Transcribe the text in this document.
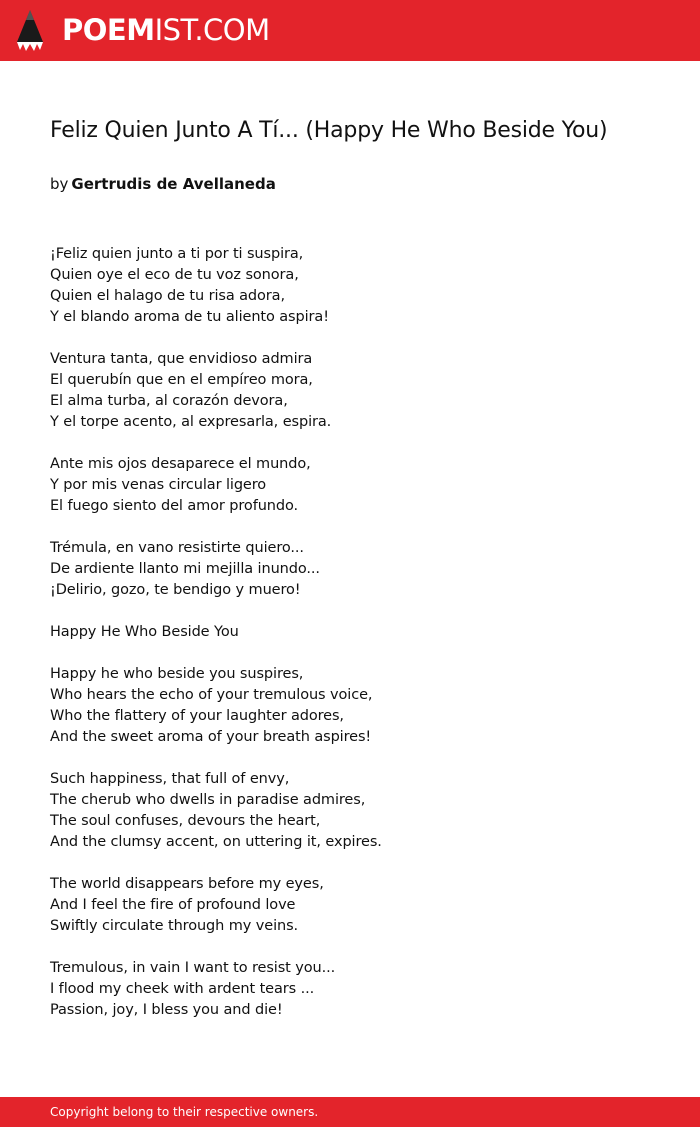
POEMIST.COM
Feliz Quien Junto A Tí... (Happy He Who Beside You)
by Gertrudis de Avellaneda
¡Feliz quien junto a ti por ti suspira,
Quien oye el eco de tu voz sonora,
Quien el halago de tu risa adora,
Y el blando aroma de tu aliento aspira!
Ventura tanta, que envidioso admira
El querubín que en el empíreo mora,
El alma turba, al corazón devora,
Y el torpe acento, al expresarla, espira.
Ante mis ojos desaparece el mundo,
Y por mis venas circular ligero
El fuego siento del amor profundo.
Trémula, en vano resistirte quiero...
De ardiente llanto mi mejilla inundo...
¡Delirio, gozo, te bendigo y muero!
Happy He Who Beside You
Happy he who beside you suspires,
Who hears the echo of your tremulous voice,
Who the flattery of your laughter adores,
And the sweet aroma of your breath aspires!
Such happiness, that full of envy,
The cherub who dwells in paradise admires,
The soul confuses, devours the heart,
And the clumsy accent, on uttering it, expires.
The world disappears before my eyes,
And I feel the fire of profound love
Swiftly circulate through my veins.
Tremulous, in vain I want to resist you...
I flood my cheek with ardent tears ...
Passion, joy, I bless you and die!
Copyright belong to their respective owners.
